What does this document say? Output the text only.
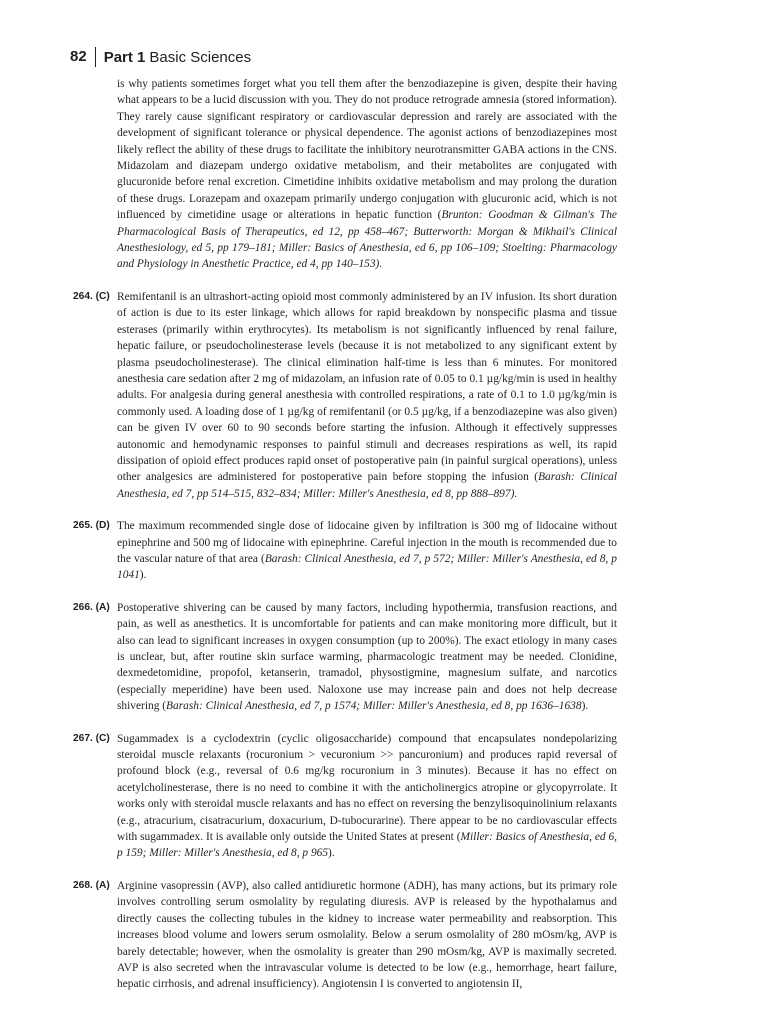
82	Part 1 Basic Sciences

is why patients sometimes forget what you tell them after the benzodiazepine is given, despite their having what appears to be a lucid discussion with you. They do not produce retrograde amnesia (stored information). They rarely cause significant respiratory or cardiovascular depression and rarely are associated with the development of significant tolerance or physical dependence. The agonist actions of benzodiazepines most likely reflect the ability of these drugs to facilitate the inhibitory neurotransmitter GABA actions in the CNS. Midazolam and diazepam undergo oxidative metabolism, and their metabolites are conjugated with glucuronide before renal excretion. Cimetidine inhibits oxidative metabolism and may prolong the duration of these drugs. Lorazepam and oxazepam primarily undergo conjugation with glucuronic acid, which is not influenced by cimetidine usage or alterations in hepatic function (Brunton: Goodman & Gilman's The Pharmacological Basis of Therapeutics, ed 12, pp 458–467; Butterworth: Morgan & Mikhail's Clinical Anesthesiology, ed 5, pp 179–181; Miller: Basics of Anesthesia, ed 6, pp 106–109; Stoelting: Pharmacology and Physiology in Anesthetic Practice, ed 4, pp 140–153).

264. (C) Remifentanil is an ultrashort-acting opioid most commonly administered by an IV infusion. Its short duration of action is due to its ester linkage, which allows for rapid breakdown by nonspecific plasma and tissue esterases (primarily within erythrocytes). Its metabolism is not significantly influenced by renal failure, hepatic failure, or pseudocholinesterase levels (because it is not metabolized to any significant extent by plasma pseudocholinesterase). The clinical elimination half-time is less than 6 minutes. For monitored anesthesia care sedation after 2 mg of midazolam, an infusion rate of 0.05 to 0.1 µg/kg/min is used in healthy adults. For analgesia during general anesthesia with controlled respirations, a rate of 0.1 to 1.0 µg/kg/min is commonly used. A loading dose of 1 µg/kg of remifentanil (or 0.5 µg/kg, if a benzodiazepine was also given) can be given IV over 60 to 90 seconds before starting the infusion. Although it effectively suppresses autonomic and hemodynamic responses to painful stimuli and decreases respirations as well, its rapid dissipation of opioid effect produces rapid onset of postoperative pain (in painful surgical operations), unless other analgesics are administered for postoperative pain before stopping the infusion (Barash: Clinical Anesthesia, ed 7, pp 514–515, 832–834; Miller: Miller's Anesthesia, ed 8, pp 888–897).

265. (D) The maximum recommended single dose of lidocaine given by infiltration is 300 mg of lidocaine without epinephrine and 500 mg of lidocaine with epinephrine. Careful injection in the mouth is recommended due to the vascular nature of that area (Barash: Clinical Anesthesia, ed 7, p 572; Miller: Miller's Anesthesia, ed 8, p 1041).

266. (A) Postoperative shivering can be caused by many factors, including hypothermia, transfusion reactions, and pain, as well as anesthetics. It is uncomfortable for patients and can make monitoring more difficult, but it also can lead to significant increases in oxygen consumption (up to 200%). The exact etiology in many cases is unclear, but, after routine skin surface warming, pharmacologic treatment may be needed. Clonidine, dexmedetomidine, propofol, ketanserin, tramadol, physostigmine, magnesium sulfate, and narcotics (especially meperidine) have been used. Naloxone use may increase pain and does not help decrease shivering (Barash: Clinical Anesthesia, ed 7, p 1574; Miller: Miller's Anesthesia, ed 8, pp 1636–1638).

267. (C) Sugammadex is a cyclodextrin (cyclic oligosaccharide) compound that encapsulates nondepolarizing steroidal muscle relaxants (rocuronium > vecuronium >> pancuronium) and produces rapid reversal of profound block (e.g., reversal of 0.6 mg/kg rocuronium in 3 minutes). Because it has no effect on acetylcholinesterase, there is no need to combine it with the anticholinergics atropine or glycopyrrolate. It works only with steroidal muscle relaxants and has no effect on reversing the benzylisoquinolinium relaxants (e.g., atracurium, cisatracurium, doxacurium, D-tubocurarine). There appear to be no cardiovascular effects with sugammadex. It is available only outside the United States at present (Miller: Basics of Anesthesia, ed 6, p 159; Miller: Miller's Anesthesia, ed 8, p 965).

268. (A) Arginine vasopressin (AVP), also called antidiuretic hormone (ADH), has many actions, but its primary role involves controlling serum osmolality by regulating diuresis. AVP is released by the hypothalamus and directly causes the collecting tubules in the kidney to increase water permeability and reabsorption. This increases blood volume and lowers serum osmolality. Below a serum osmolality of 280 mOsm/kg, AVP is barely detectable; however, when the osmolality is greater than 290 mOsm/kg, AVP is maximally secreted. AVP is also secreted when the intravascular volume is detected to be low (e.g., hemorrhage, heart failure, hepatic cirrhosis, and adrenal insufficiency). Angiotensin I is converted to angiotensin II,
